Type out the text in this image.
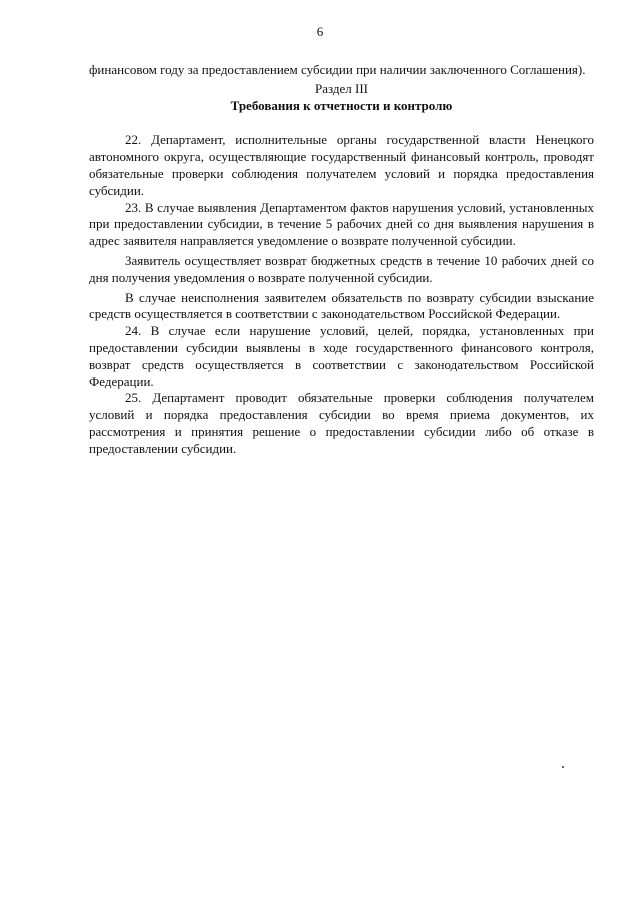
6

финансовом году за предоставлением субсидии при наличии заключенного Соглашения).

Раздел III

Требования к отчетности и контролю

22. Департамент, исполнительные органы государственной власти Ненецкого автономного округа, осуществляющие государственный финансовый контроль, проводят обязательные проверки соблюдения получателем условий и порядка предоставления субсидии.

23. В случае выявления Департаментом фактов нарушения условий, установленных при предоставлении субсидии, в течение 5 рабочих дней со дня выявления нарушения в адрес заявителя направляется уведомление о возврате полученной субсидии.

Заявитель осуществляет возврат бюджетных средств в течение 10 рабочих дней со дня получения уведомления о возврате полученной субсидии.

В случае неисполнения заявителем обязательств по возврату субсидии взыскание средств осуществляется в соответствии с законодательством Российской Федерации.

24. В случае если нарушение условий, целей, порядка, установленных при предоставлении субсидии выявлены в ходе государственного финансового контроля, возврат средств осуществляется в соответствии с законодательством Российской Федерации.

25. Департамент проводит обязательные проверки соблюдения получателем условий и порядка предоставления субсидии во время приема документов, их рассмотрения и принятия решение о предоставлении субсидии либо об отказе в предоставлении субсидии.
